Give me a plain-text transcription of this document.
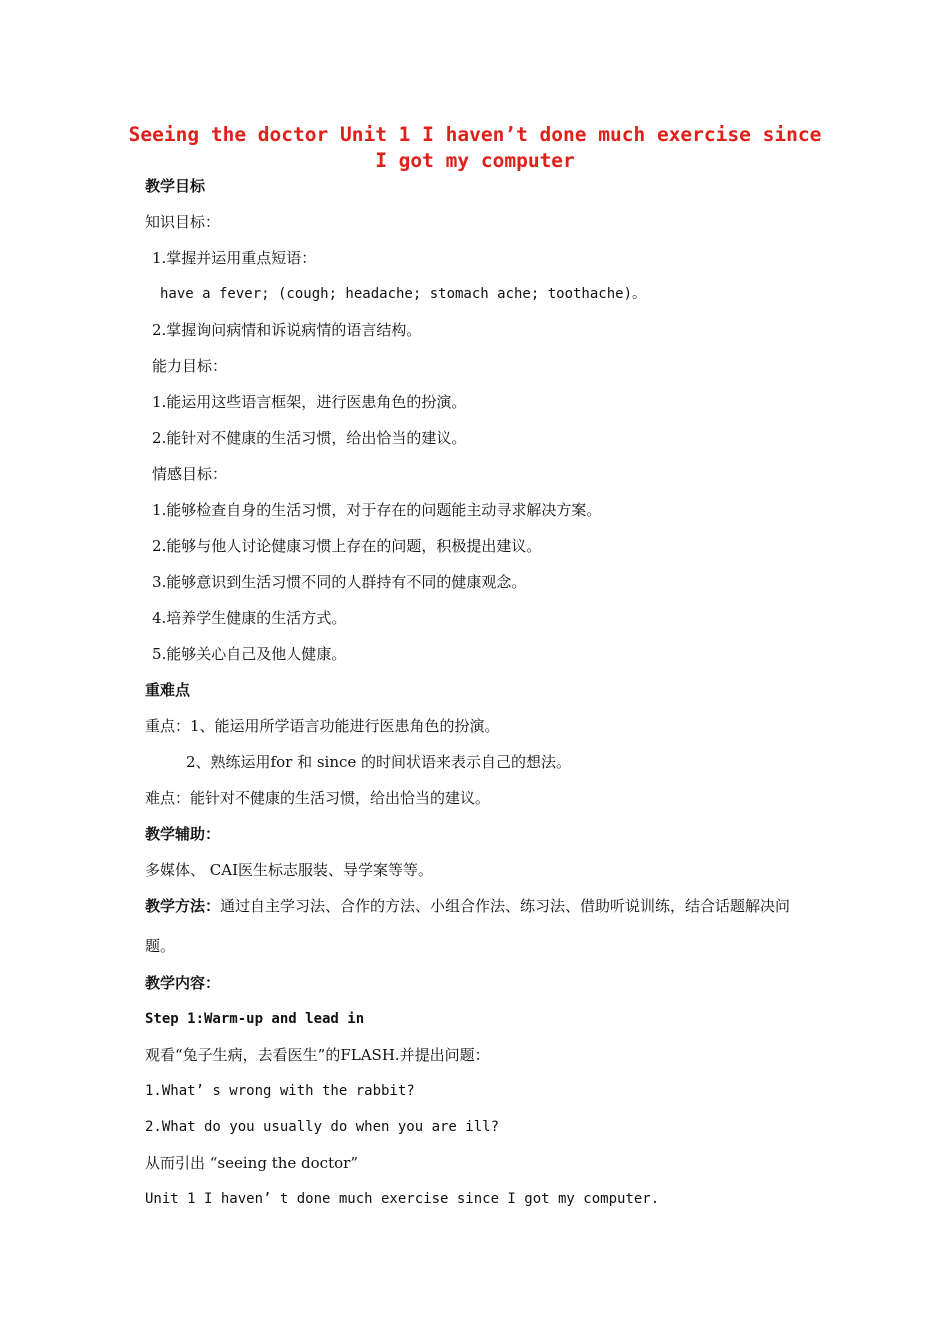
Seeing the doctor Unit 1 I haven’t done much exercise since I got my computer
教学目标
知识目标：
1.掌握并运用重点短语：
have a fever; (cough; headache; stomach ache; toothache)。
2.掌握询问病情和诉说病情的语言结构。
能力目标：
1.能运用这些语言框架，进行医患角色的扮演。
2.能针对不健康的生活习惯，给出恰当的建议。
情感目标：
1.能够检查自身的生活习惯，对于存在的问题能主动寻求解决方案。
2.能够与他人讨论健康习惯上存在的问题，积极提出建议。
3.能够意识到生活习惯不同的人群持有不同的健康观念。
4.培养学生健康的生活方式。
5.能够关心自己及他人健康。
重难点
重点：1、能运用所学语言功能进行医患角色的扮演。
2、熟练运用for 和 since 的时间状语来表示自己的想法。
难点：能针对不健康的生活习惯，给出恰当的建议。
教学辅助：
多媒体、 CAI医生标志服装、导学案等等。
教学方法：通过自主学习法、合作的方法、小组合作法、练习法、借助听说训练，结合话题解决问题。
教学内容：
Step 1:Warm-up and lead in
观看“兔子生病，去看医生”的FLASH.并提出问题：
1.What’ s wrong with the rabbit?
2.What do you usually do when you are ill?
从而引出 “seeing the doctor”
Unit 1 I haven’ t done much exercise since I got my computer.
